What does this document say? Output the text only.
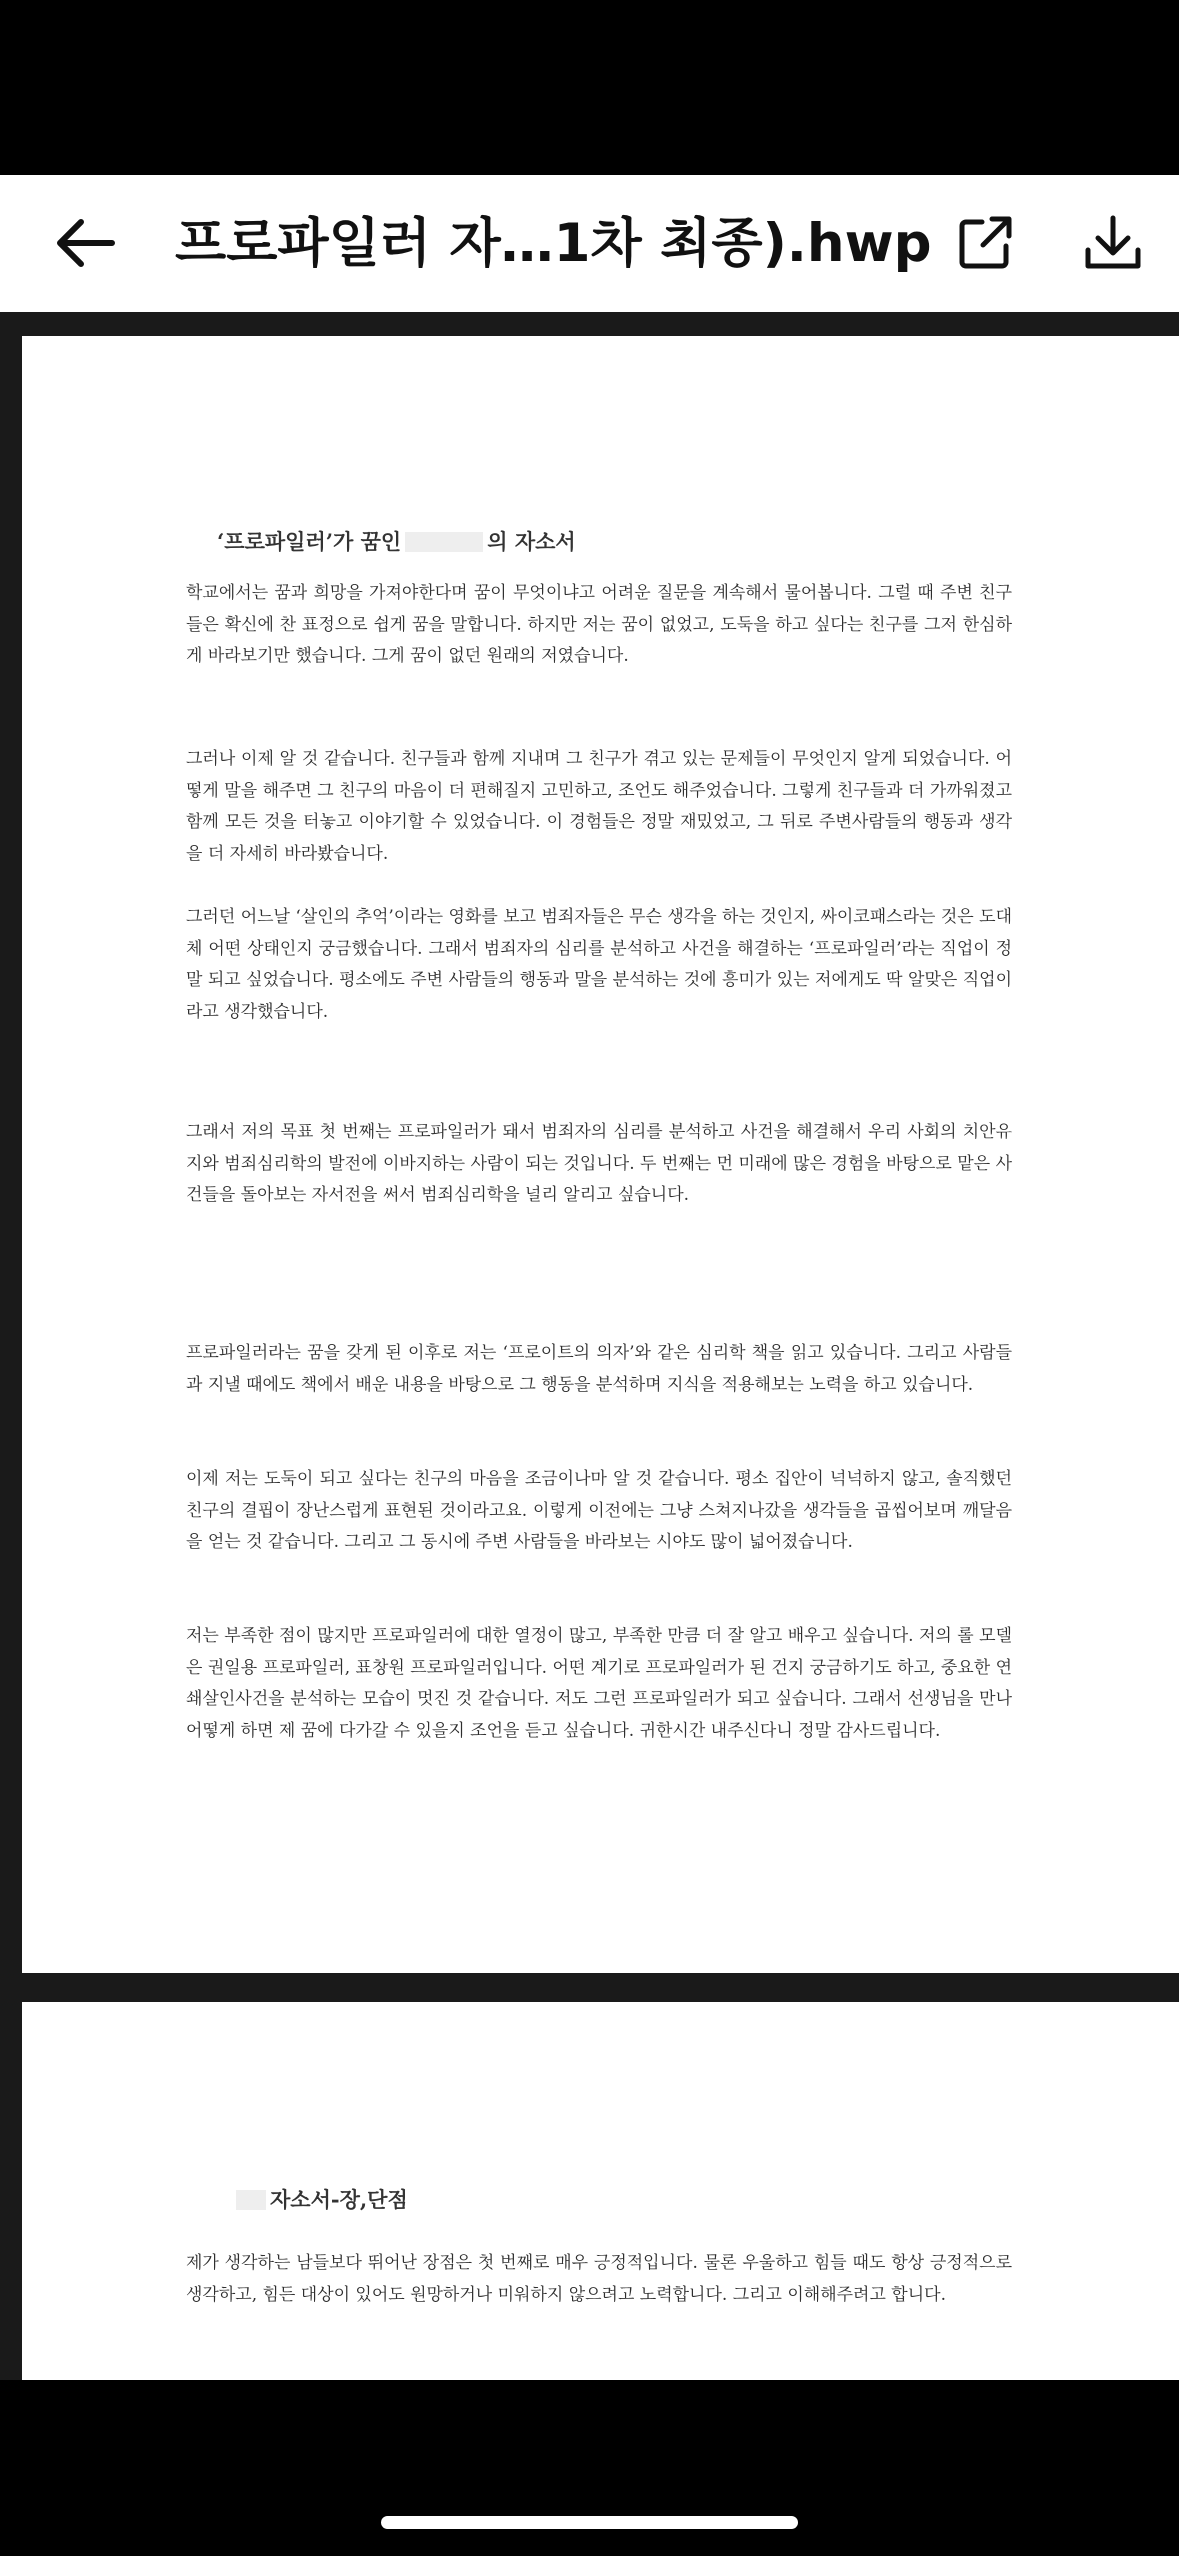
프로파일러 자…1차 최종).hwp
‘프로파일러’가 꿈인	의 자소서

학교에서는 꿈과 희망을 가져야한다며 꿈이 무엇이냐고 어려운 질문을 계속해서 물어봅니다. 그럴 때 주변 친구들은 확신에 찬 표정으로 쉽게 꿈을 말합니다. 하지만 저는 꿈이 없었고, 도둑을 하고 싶다는 친구를 그저 한심하게 바라보기만 했습니다. 그게 꿈이 없던 원래의 저였습니다.

그러나 이제 알 것 같습니다. 친구들과 함께 지내며 그 친구가 겪고 있는 문제들이 무엇인지 알게 되었습니다. 어떻게 말을 해주면 그 친구의 마음이 더 편해질지 고민하고, 조언도 해주었습니다. 그렇게 친구들과 더 가까워졌고 함께 모든 것을 터놓고 이야기할 수 있었습니다. 이 경험들은 정말 재밌었고, 그 뒤로 주변사람들의 행동과 생각을 더 자세히 바라봤습니다.

그러던 어느날 ‘살인의 추억’이라는 영화를 보고 범죄자들은 무슨 생각을 하는 것인지, 싸이코패스라는 것은 도대체 어떤 상태인지 궁금했습니다. 그래서 범죄자의 심리를 분석하고 사건을 해결하는 ‘프로파일러’라는 직업이 정말 되고 싶었습니다. 평소에도 주변 사람들의 행동과 말을 분석하는 것에 흥미가 있는 저에게도 딱 알맞은 직업이라고 생각했습니다.

그래서 저의 목표 첫 번째는 프로파일러가 돼서 범죄자의 심리를 분석하고 사건을 해결해서 우리 사회의 치안유지와 범죄심리학의 발전에 이바지하는 사람이 되는 것입니다. 두 번째는 먼 미래에 많은 경험을 바탕으로 맡은 사건들을 돌아보는 자서전을 써서 범죄심리학을 널리 알리고 싶습니다.

프로파일러라는 꿈을 갖게 된 이후로 저는 ‘프로이트의 의자’와 같은 심리학 책을 읽고 있습니다. 그리고 사람들과 지낼 때에도 책에서 배운 내용을 바탕으로 그 행동을 분석하며 지식을 적용해보는 노력을 하고 있습니다.

이제 저는 도둑이 되고 싶다는 친구의 마음을 조금이나마 알 것 같습니다. 평소 집안이 넉넉하지 않고, 솔직했던 친구의 결핍이 장난스럽게 표현된 것이라고요. 이렇게 이전에는 그냥 스쳐지나갔을 생각들을 곱씹어보며 깨달음을 얻는 것 같습니다. 그리고 그 동시에 주변 사람들을 바라보는 시야도 많이 넓어졌습니다.

저는 부족한 점이 많지만 프로파일러에 대한 열정이 많고, 부족한 만큼 더 잘 알고 배우고 싶습니다. 저의 롤 모델은 권일용 프로파일러, 표창원 프로파일러입니다. 어떤 계기로 프로파일러가 된 건지 궁금하기도 하고, 중요한 연쇄살인사건을 분석하는 모습이 멋진 것 같습니다. 저도 그런 프로파일러가 되고 싶습니다. 그래서 선생님을 만나 어떻게 하면 제 꿈에 다가갈 수 있을지 조언을 듣고 싶습니다. 귀한시간 내주신다니 정말 감사드립니다.

자소서-장,단점

제가 생각하는 남들보다 뛰어난 장점은 첫 번째로 매우 긍정적입니다. 물론 우울하고 힘들 때도 항상 긍정적으로 생각하고, 힘든 대상이 있어도 원망하거나 미워하지 않으려고 노력합니다. 그리고 이해해주려고 합니다.
